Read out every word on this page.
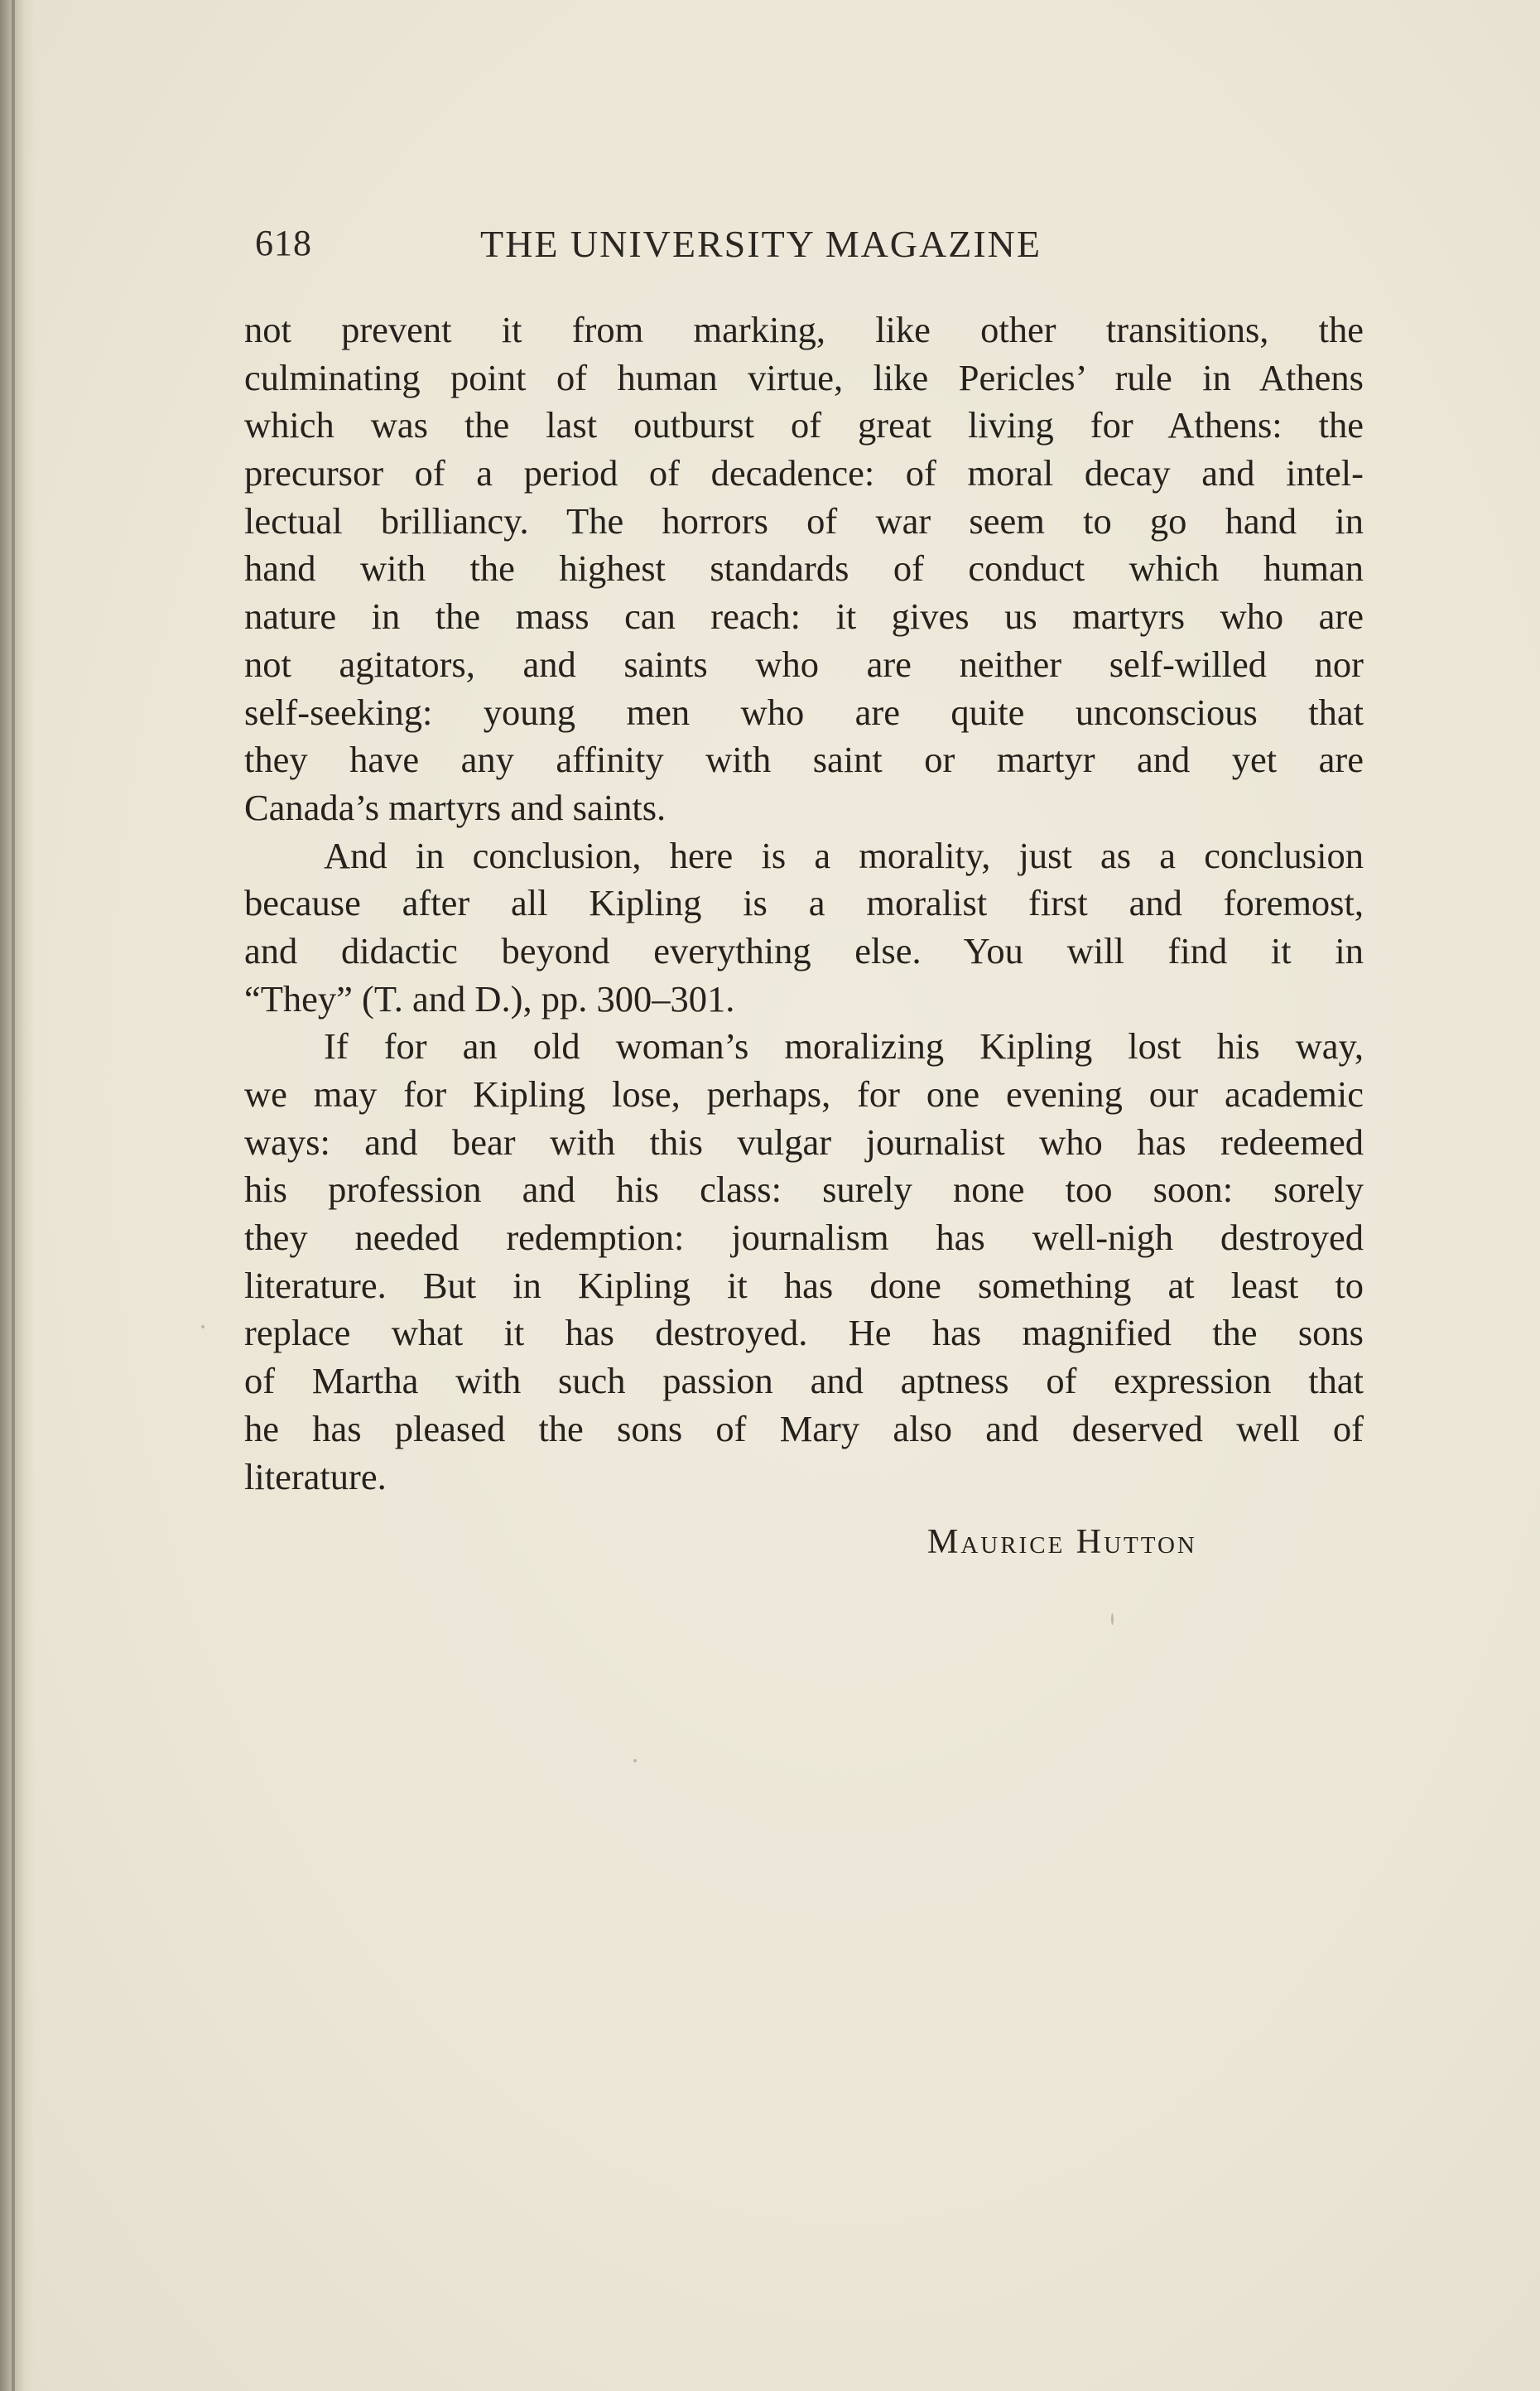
618	THE UNIVERSITY MAGAZINE
not prevent it from marking, like other transitions, the
culminating point of human virtue, like Pericles’ rule in Athens
which was the last outburst of great living for Athens: the
precursor of a period of decadence: of moral decay and intel-
lectual brilliancy. The horrors of war seem to go hand in
hand with the highest standards of conduct which human
nature in the mass can reach: it gives us martyrs who are
not agitators, and saints who are neither self-willed nor
self-seeking: young men who are quite unconscious that
they have any affinity with saint or martyr and yet are
Canada’s martyrs and saints.
And in conclusion, here is a morality, just as a conclusion
because after all Kipling is a moralist first and foremost,
and didactic beyond everything else. You will find it in
“They” (T. and D.), pp. 300–301.
If for an old woman’s moralizing Kipling lost his way,
we may for Kipling lose, perhaps, for one evening our academic
ways: and bear with this vulgar journalist who has redeemed
his profession and his class: surely none too soon: sorely
they needed redemption: journalism has well-nigh destroyed
literature. But in Kipling it has done something at least to
replace what it has destroyed. He has magnified the sons
of Martha with such passion and aptness of expression that
he has pleased the sons of Mary also and deserved well of
literature.
Maurice Hutton
